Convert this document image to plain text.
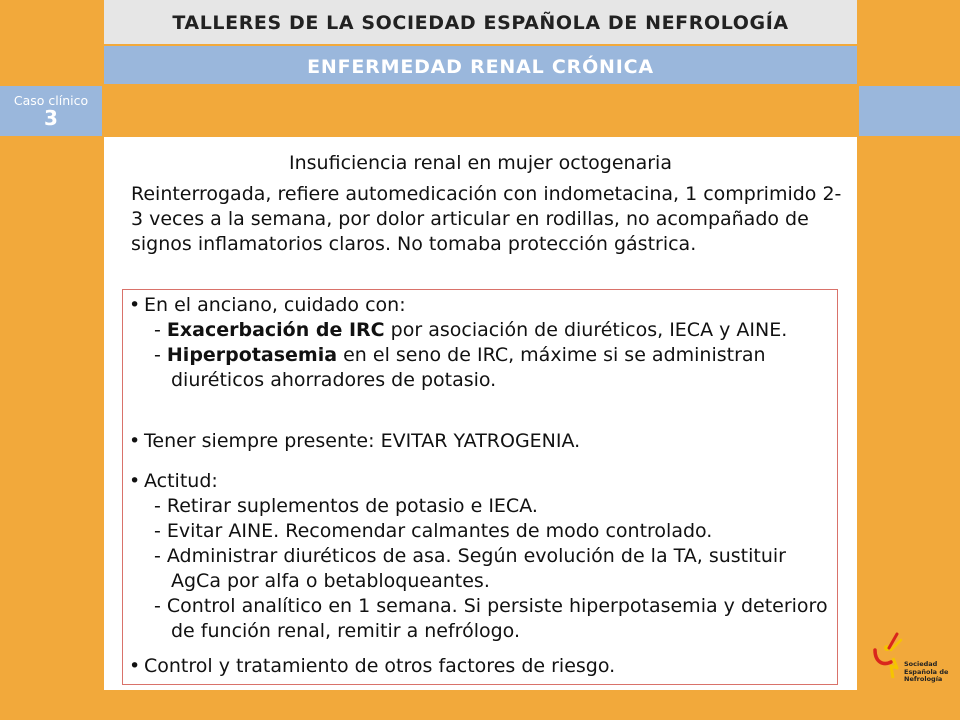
TALLERES DE LA SOCIEDAD ESPAÑOLA DE NEFROLOGÍA
ENFERMEDAD RENAL CRÓNICA
Caso clínico
3
Insuficiencia renal en mujer octogenaria
Reinterrogada, refiere automedicación con indometacina, 1 comprimido 2-3 veces a la semana, por dolor articular en rodillas, no acompañado de signos inflamatorios claros. No tomaba protección gástrica.
• En el anciano, cuidado con:
- Exacerbación de IRC por asociación de diuréticos, IECA y AINE.
- Hiperpotasemia en el seno de IRC, máxime si se administran diuréticos ahorradores de potasio.
• Tener siempre presente: EVITAR YATROGENIA.
• Actitud:
- Retirar suplementos de potasio e IECA.
- Evitar AINE. Recomendar calmantes de modo controlado.
- Administrar diuréticos de asa. Según evolución de la TA, sustituir AgCa por alfa o betabloqueantes.
- Control analítico en 1 semana. Si persiste hiperpotasemia y deterioro de función renal, remitir a nefrólogo.
• Control y tratamiento de otros factores de riesgo.	Sociedad
Española de
Nefrología
